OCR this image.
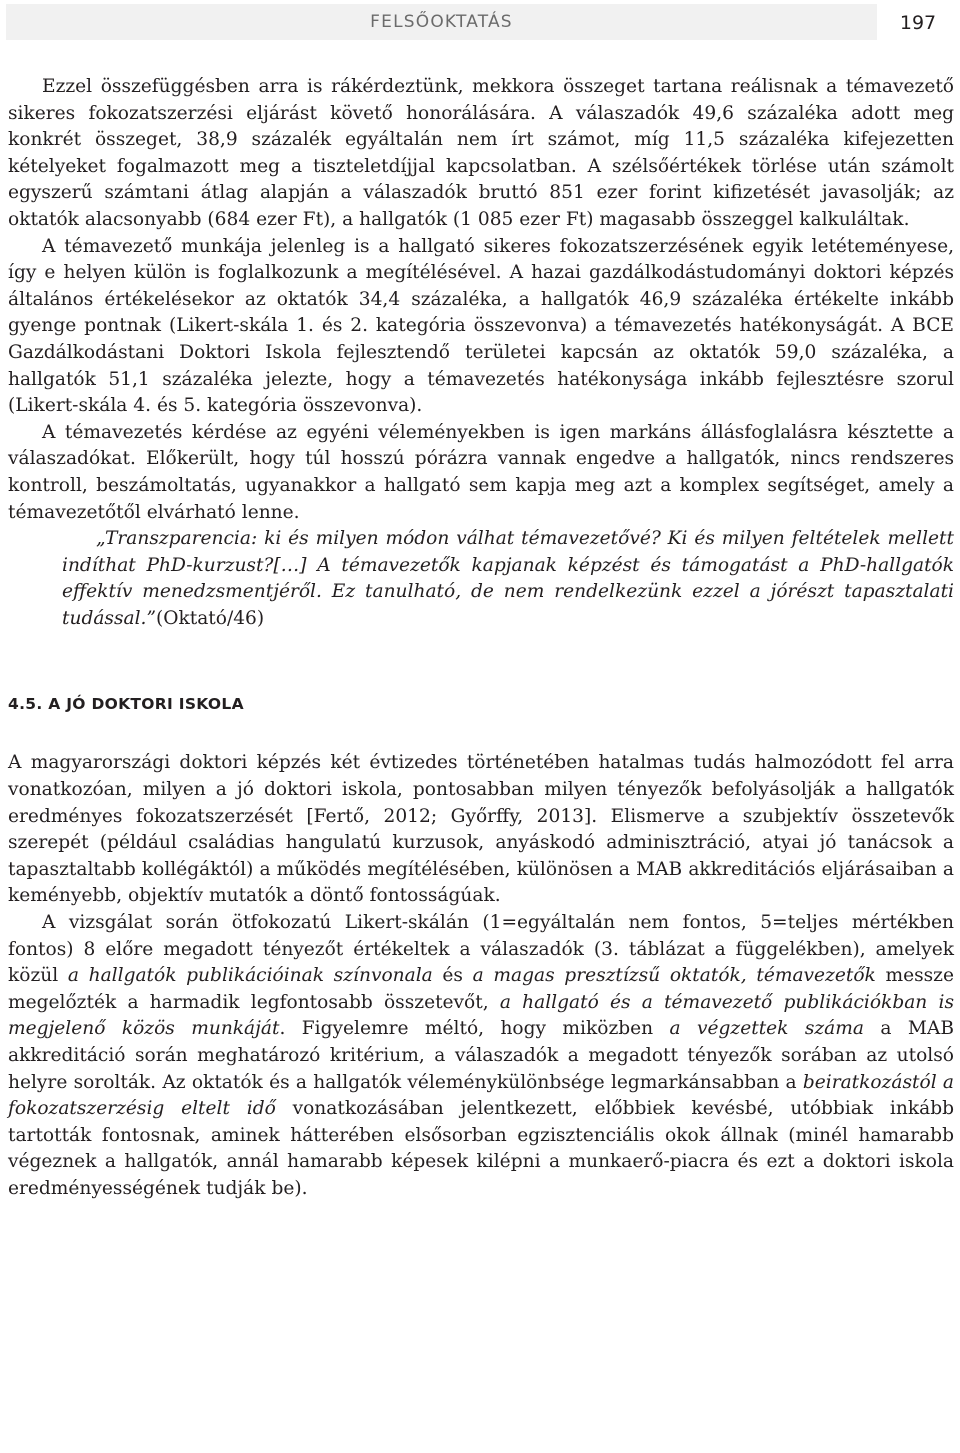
FELSŐOKTATÁS	197

Ezzel összefüggésben arra is rákérdeztünk, mekkora összeget tartana reálisnak a témavezető sikeres fokozatszerzési eljárást követő honorálására. A válaszadók 49,6 százaléka adott meg konkrét összeget, 38,9 százalék egyáltalán nem írt számot, míg 11,5 százaléka kifejezetten kételyeket fogalmazott meg a tiszteletdíjjal kapcsolatban. A szélsőértékek törlése után számolt egyszerű számtani átlag alapján a válaszadók bruttó 851 ezer forint kifizetését javasolják; az oktatók alacsonyabb (684 ezer Ft), a hallgatók (1 085 ezer Ft) magasabb összeggel kalkuláltak.

A témavezető munkája jelenleg is a hallgató sikeres fokozatszerzésének egyik letéteményese, így e helyen külön is foglalkozunk a megítélésével. A hazai gazdálkodástudományi doktori képzés általános értékelésekor az oktatók 34,4 százaléka, a hallgatók 46,9 százaléka értékelte inkább gyenge pontnak (Likert-skála 1. és 2. kategória összevonva) a témavezetés hatékonyságát. A BCE Gazdálkodástani Doktori Iskola fejlesztendő területei kapcsán az oktatók 59,0 százaléka, a hallgatók 51,1 százaléka jelezte, hogy a témavezetés hatékonysága inkább fejlesztésre szorul (Likert-skála 4. és 5. kategória összevonva).

A témavezetés kérdése az egyéni véleményekben is igen markáns állásfoglalásra késztette a válaszadókat. Előkerült, hogy túl hosszú pórázra vannak engedve a hallgatók, nincs rendszeres kontroll, beszámoltatás, ugyanakkor a hallgató sem kapja meg azt a komplex segítséget, amely a témavezetőtől elvárható lenne.

„Transzparencia: ki és milyen módon válhat témavezetővé? Ki és milyen feltételek mellett indíthat PhD-kurzust?[…] A témavezetők kapjanak képzést és támogatást a PhD-hallgatók effektív menedzsmentjéről. Ez tanulható, de nem rendelkezünk ezzel a jórészt tapasztalati tudással.”(Oktató/46)

4.5. A JÓ DOKTORI ISKOLA

A magyarországi doktori képzés két évtizedes történetében hatalmas tudás halmozódott fel arra vonatkozóan, milyen a jó doktori iskola, pontosabban milyen tényezők befolyásolják a hallgatók eredményes fokozatszerzését [Fertő, 2012; Győrffy, 2013]. Elismerve a szubjektív összetevők szerepét (például családias hangulatú kurzusok, anyáskodó adminisztráció, atyai jó tanácsok a tapasztaltabb kollégáktól) a működés megítélésében, különösen a MAB akkreditációs eljárásaiban a keményebb, objektív mutatók a döntő fontosságúak.

A vizsgálat során ötfokozatú Likert-skálán (1=egyáltalán nem fontos, 5=teljes mértékben fontos) 8 előre megadott tényezőt értékeltek a válaszadók (3. táblázat a függelékben), amelyek közül a hallgatók publikációinak színvonala és a magas presztízsű oktatók, témavezetők messze megelőzték a harmadik legfontosabb összetevőt, a hallgató és a témavezető publikációkban is megjelenő közös munkáját. Figyelemre méltó, hogy miközben a végzettek száma a MAB akkreditáció során meghatározó kritérium, a válaszadók a megadott tényezők sorában az utolsó helyre sorolták. Az oktatók és a hallgatók véleménykülönbsége legmarkánsabban a beiratkozástól a fokozatszerzésig eltelt idő vonatkozásában jelentkezett, előbbiek kevésbé, utóbbiak inkább tartották fontosnak, aminek hátterében elsősorban egzisztenciális okok állnak (minél hamarabb végeznek a hallgatók, annál hamarabb képesek kilépni a munkaerő-piacra és ezt a doktori iskola eredményességének tudják be).
